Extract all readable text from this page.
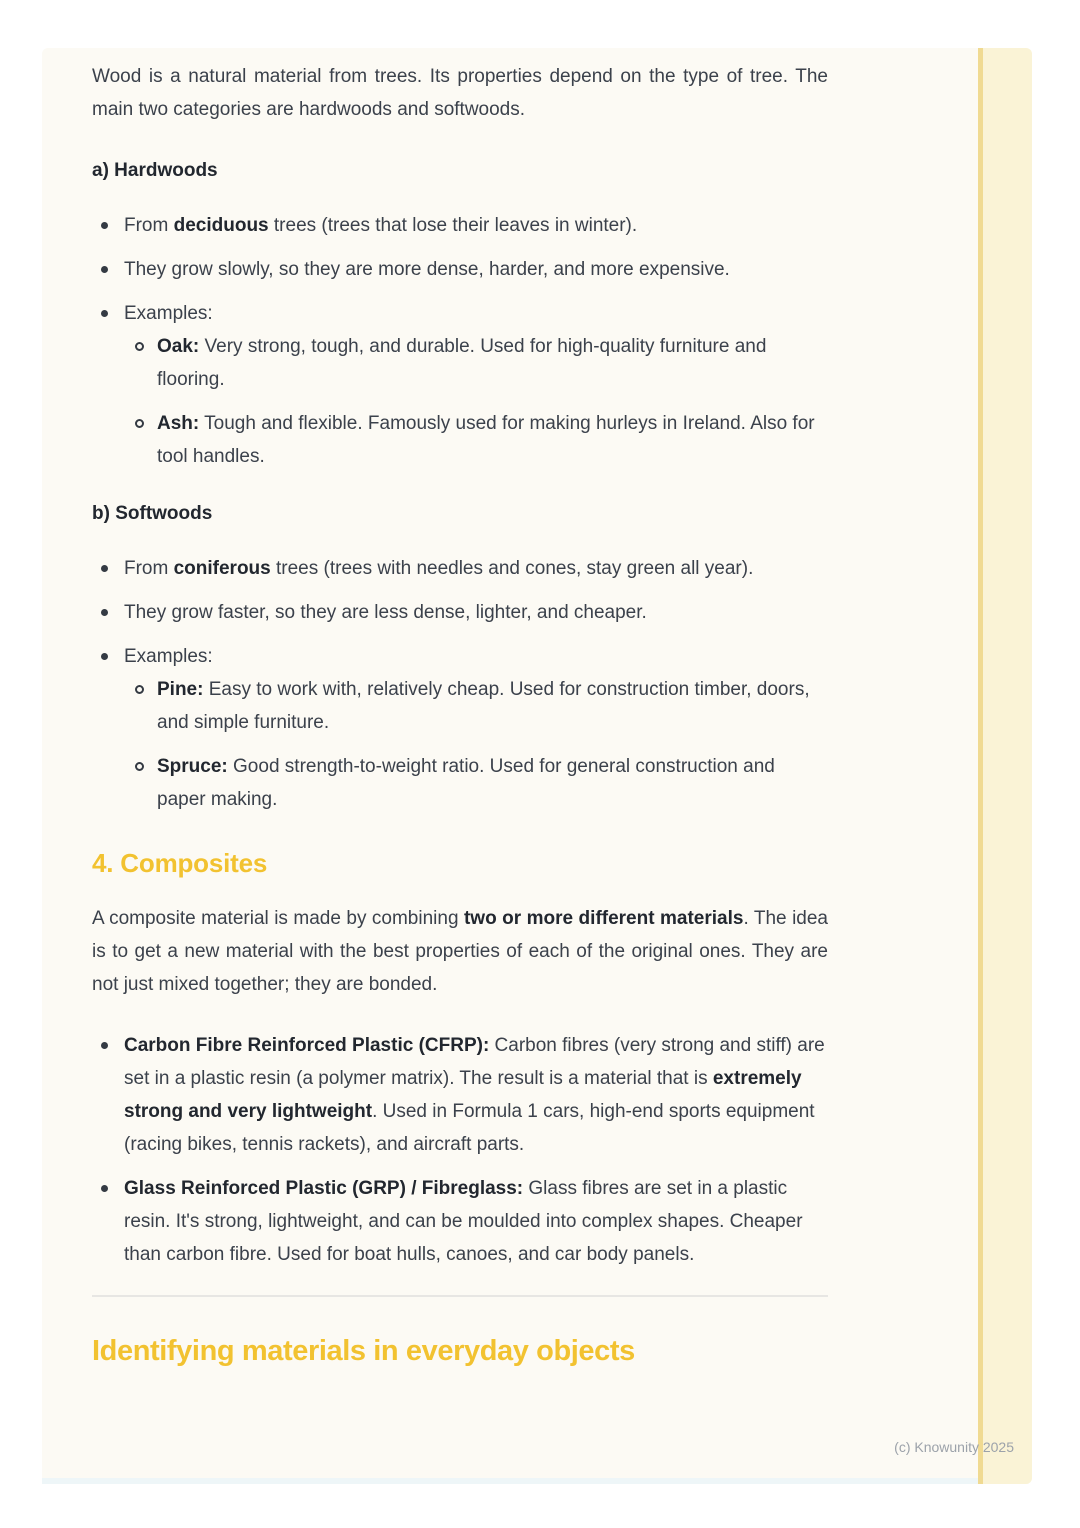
Wood is a natural material from trees. Its properties depend on the type of tree. The main two categories are hardwoods and softwoods.

a) Hardwoods
From deciduous trees (trees that lose their leaves in winter).
They grow slowly, so they are more dense, harder, and more expensive.
Examples:
Oak: Very strong, tough, and durable. Used for high-quality furniture and flooring.
Ash: Tough and flexible. Famously used for making hurleys in Ireland. Also for tool handles.
b) Softwoods
From coniferous trees (trees with needles and cones, stay green all year).
They grow faster, so they are less dense, lighter, and cheaper.
Examples:
Pine: Easy to work with, relatively cheap. Used for construction timber, doors, and simple furniture.
Spruce: Good strength-to-weight ratio. Used for general construction and paper making.
4. Composites

A composite material is made by combining two or more different materials. The idea is to get a new material with the best properties of each of the original ones. They are not just mixed together; they are bonded.

Carbon Fibre Reinforced Plastic (CFRP): Carbon fibres (very strong and stiff) are set in a plastic resin (a polymer matrix). The result is a material that is extremely strong and very lightweight. Used in Formula 1 cars, high-end sports equipment (racing bikes, tennis rackets), and aircraft parts.
Glass Reinforced Plastic (GRP) / Fibreglass: Glass fibres are set in a plastic resin. It's strong, lightweight, and can be moulded into complex shapes. Cheaper than carbon fibre. Used for boat hulls, canoes, and car body panels.
Identifying materials in everyday objects
(c) Knowunity 2025
